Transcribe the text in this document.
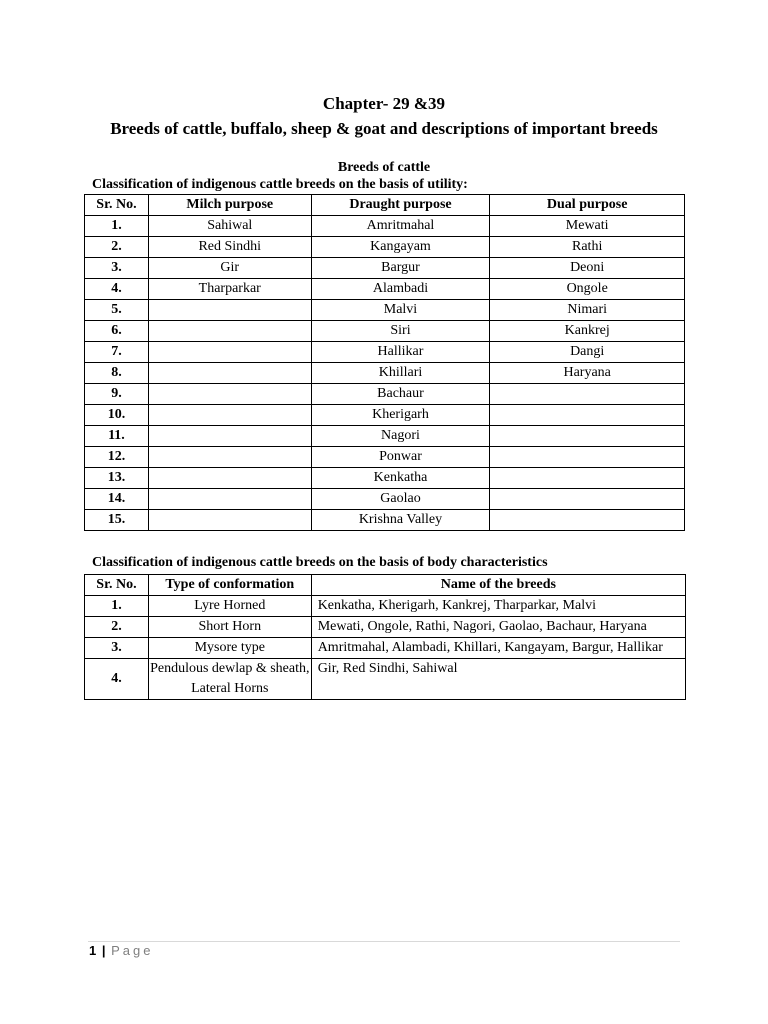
Chapter- 29 &39
Breeds of cattle, buffalo, sheep & goat and descriptions of important breeds
Breeds of cattle
Classification of indigenous cattle breeds on the basis of utility:
Sr. No.	Milch purpose	Draught purpose	Dual purpose
1.	Sahiwal	Amritmahal	Mewati
2.	Red Sindhi	Kangayam	Rathi
3.	Gir	Bargur	Deoni
4.	Tharparkar	Alambadi	Ongole
5.		Malvi	Nimari
6.		Siri	Kankrej
7.		Hallikar	Dangi
8.		Khillari	Haryana
9.		Bachaur	
10.		Kherigarh	
11.		Nagori	
12.		Ponwar	
13.		Kenkatha	
14.		Gaolao	
15.		Krishna Valley	
Classification of indigenous cattle breeds on the basis of body characteristics
Sr. No.	Type of conformation	Name of the breeds
1.	Lyre Horned	Kenkatha, Kherigarh, Kankrej, Tharparkar, Malvi
2.	Short Horn	Mewati, Ongole, Rathi, Nagori, Gaolao, Bachaur, Haryana
3.	Mysore type	Amritmahal, Alambadi, Khillari, Kangayam, Bargur, Hallikar
4.	Pendulous dewlap & sheath, Lateral Horns	Gir, Red Sindhi, Sahiwal
1 | Page
